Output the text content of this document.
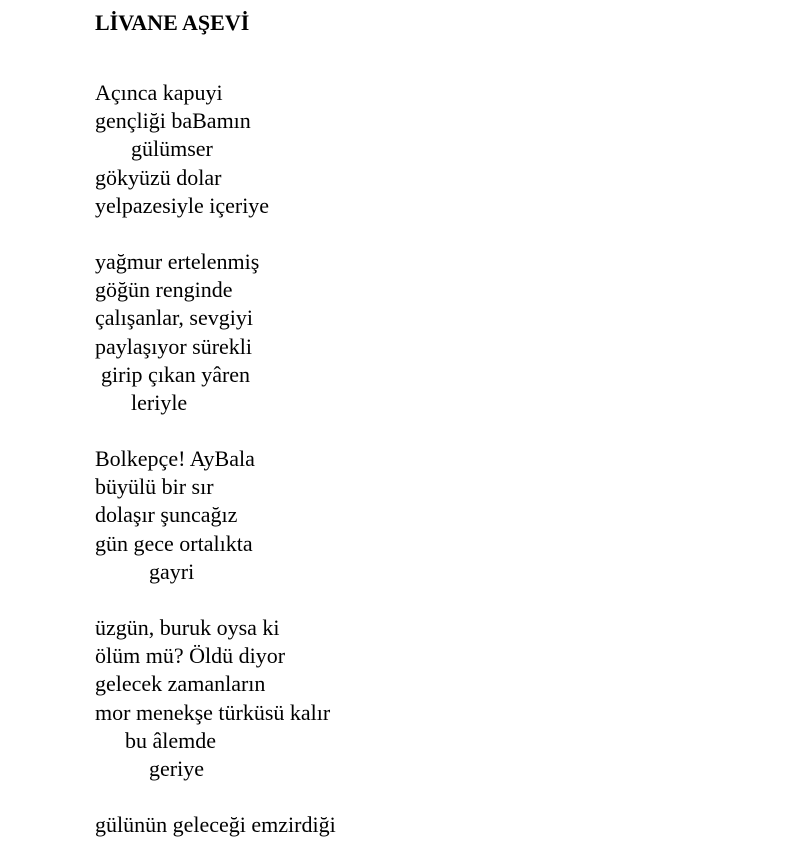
LİVANE AŞEVİ
Açınca kapuyi
gençliği baBamın
gülümser
gökyüzü dolar
yelpazesiyle içeriye
yağmur ertelenmiş
göğün renginde
çalışanlar, sevgiyi
paylaşıyor sürekli
girip çıkan yâren
leriyle
Bolkepçe! AyBala
büyülü bir sır
dolaşır şuncağız
gün gece ortalıkta
gayri
üzgün, buruk oysa ki
ölüm mü? Öldü diyor
gelecek zamanların
mor menekşe türküsü kalır
bu âlemde
geriye
gülünün geleceği emzirdiği
